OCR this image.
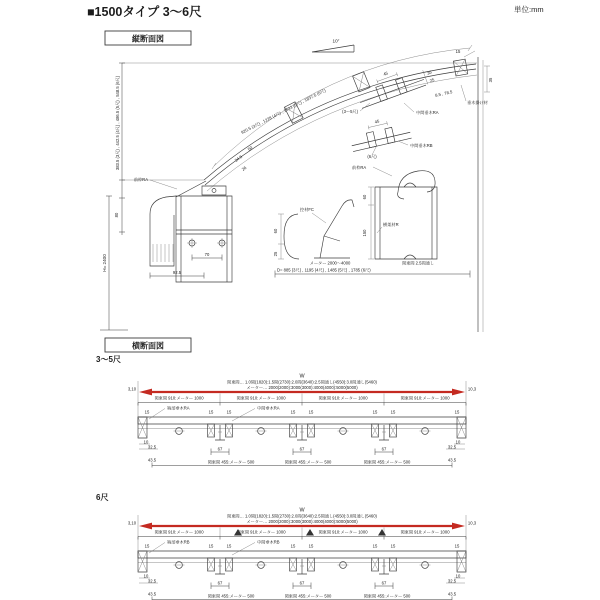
■1500タイプ 3〜6尺	単位:mm
縦断面図	10°
15
383.5 (3尺) , 442.5 (4尺) , 486.5 (5尺) , 548.5 (6尺)
80
H= 2400
920.5 (3尺) , 1228 (4尺) , 1533 (5尺) , 1837.5 (6尺)
50
34.5
26
45	35
25
(3〜5尺)	中間垂木RA
45
中間垂木RB
(6尺)
前枠RA
70
92.5
前枠RA
60
25
控材FC
メーター 2000〜4000
横架材R
60
150
関東間 2.5間通し
D= 885 (3尺) , 1195 (4尺) , 1485 (5尺) , 1785 (6尺)
垂木掛け材
8.5 , 78.5
35
横断面図
3〜5尺
端部垂木RA	中間垂木RA
6尺
端部垂木RB	中間垂木RB
